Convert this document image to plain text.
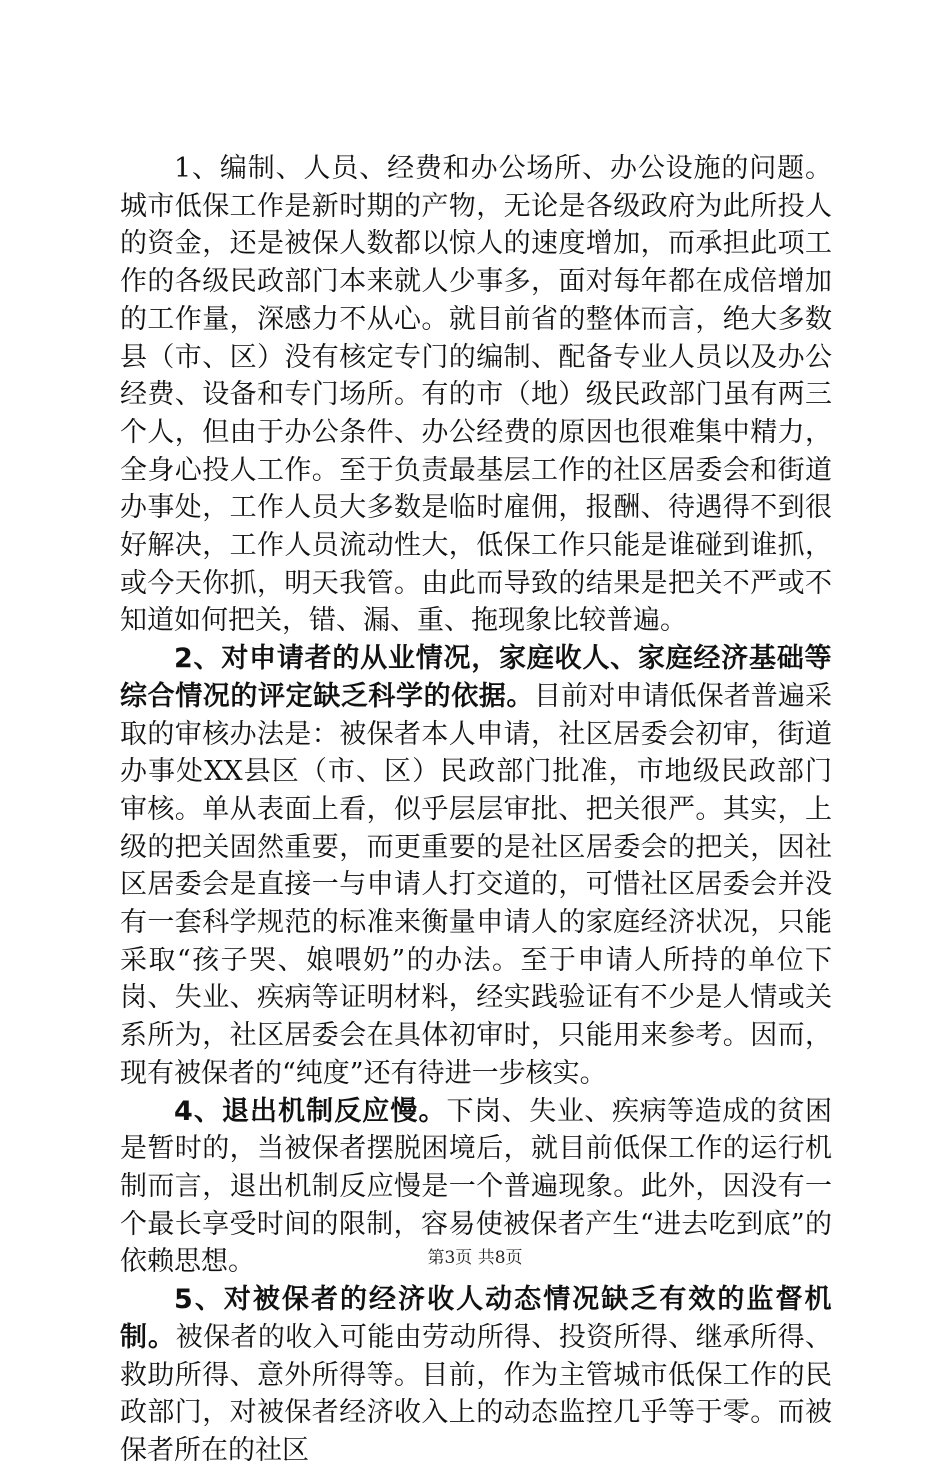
1、编制、人员、经费和办公场所、办公设施的问题。城市低保工作是新时期的产物，无论是各级政府为此所投人的资金，还是被保人数都以惊人的速度增加，而承担此项工作的各级民政部门本来就人少事多，面对每年都在成倍增加的工作量，深感力不从心。就目前省的整体而言，绝大多数县（市、区）没有核定专门的编制、配备专业人员以及办公经费、设备和专门场所。有的市（地）级民政部门虽有两三个人，但由于办公条件、办公经费的原因也很难集中精力，全身心投人工作。至于负责最基层工作的社区居委会和街道办事处，工作人员大多数是临时雇佣，报酬、待遇得不到很好解决，工作人员流动性大，低保工作只能是谁碰到谁抓，或今天你抓，明天我管。由此而导致的结果是把关不严或不知道如何把关，错、漏、重、拖现象比较普遍。

2、对申请者的从业情况，家庭收人、家庭经济基础等综合情况的评定缺乏科学的依据。目前对申请低保者普遍采取的审核办法是：被保者本人申请，社区居委会初审，街道办事处XX县区（市、区）民政部门批准，市地级民政部门审核。单从表面上看，似乎层层审批、把关很严。其实，上级的把关固然重要，而更重要的是社区居委会的把关，因社区居委会是直接一与申请人打交道的，可惜社区居委会并没有一套科学规范的标准来衡量申请人的家庭经济状况，只能采取“孩子哭、娘喂奶”的办法。至于申请人所持的单位下岗、失业、疾病等证明材料，经实践验证有不少是人情或关系所为，社区居委会在具体初审时，只能用来参考。因而，现有被保者的“纯度”还有待进一步核实。

4、退出机制反应慢。下岗、失业、疾病等造成的贫困是暂时的，当被保者摆脱困境后，就目前低保工作的运行机制而言，退出机制反应慢是一个普遍现象。此外，因没有一个最长享受时间的限制，容易使被保者产生“进去吃到底”的依赖思想。

5、对被保者的经济收人动态情况缺乏有效的监督机制。被保者的收入可能由劳动所得、投资所得、继承所得、救助所得、意外所得等。目前，作为主管城市低保工作的民政部门，对被保者经济收入上的动态监控几乎等于零。而被保者所在的社区

第3页 共8页
